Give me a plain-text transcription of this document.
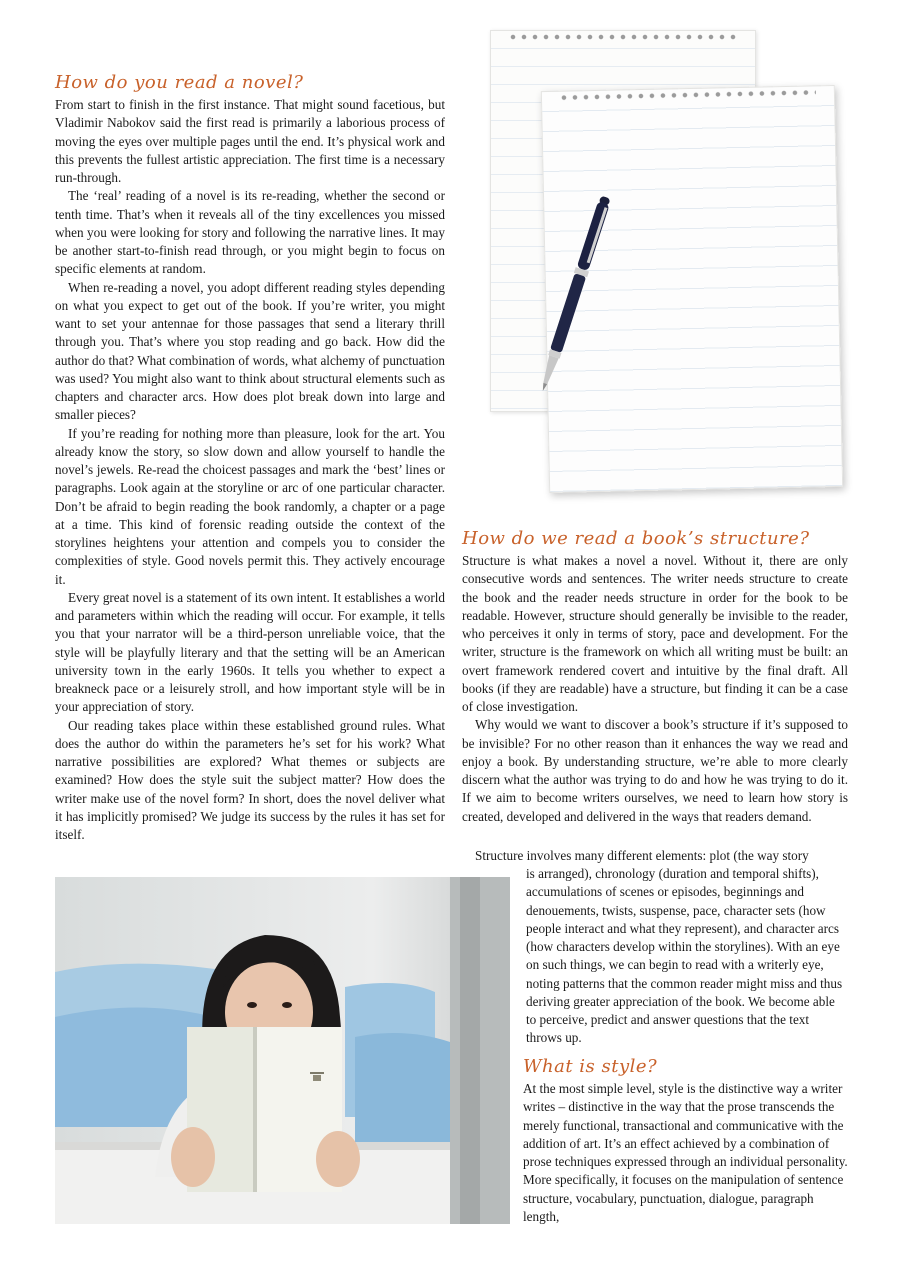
How do you read a novel?

From start to finish in the first instance. That might sound facetious, but Vladimir Nabokov said the first read is primarily a laborious process of moving the eyes over multiple pages until the end. It’s physical work and this prevents the fullest artistic appreciation. The first time is a necessary run-through.

The ‘real’ reading of a novel is its re-reading, whether the second or tenth time. That’s when it reveals all of the tiny excellences you missed when you were looking for story and following the narrative lines. It may be another start-to-finish read through, or you might begin to focus on specific elements at random.

When re-reading a novel, you adopt different reading styles depending on what you expect to get out of the book. If you’re writer, you might want to set your antennae for those passages that send a literary thrill through you. That’s where you stop reading and go back. How did the author do that? What combination of words, what alchemy of punctuation was used? You might also want to think about structural elements such as chapters and character arcs. How does plot break down into large and smaller pieces?

If you’re reading for nothing more than pleasure, look for the art. You already know the story, so slow down and allow yourself to handle the novel’s jewels. Re-read the choicest passages and mark the ‘best’ lines or paragraphs. Look again at the storyline or arc of one particular character. Don’t be afraid to begin reading the book randomly, a chapter or a page at a time. This kind of forensic reading outside the context of the storylines heightens your attention and compels you to consider the complexities of style. Good novels permit this. They actively encourage it.

Every great novel is a statement of its own intent. It establishes a world and parameters within which the reading will occur. For example, it tells you that your narrator will be a third-person unreliable voice, that the style will be playfully literary and that the setting will be an American university town in the early 1960s. It tells you whether to expect a breakneck pace or a leisurely stroll, and how important style will be in your appreciation of story.

Our reading takes place within these established ground rules. What does the author do within the parameters he’s set for his work? What narrative possibilities are explored? What themes or subjects are examined? How does the style suit the subject matter? How does the writer make use of the novel form? In short, does the novel deliver what it has implicitly promised? We judge its success by the rules it has set for itself.

How do we read a book’s structure?

Structure is what makes a novel a novel. Without it, there are only consecutive words and sentences. The writer needs structure to create the book and the reader needs structure in order for the book to be readable. However, structure should generally be invisible to the reader, who perceives it only in terms of story, pace and development. For the writer, structure is the framework on which all writing must be built: an overt framework rendered covert and intuitive by the final draft. All books (if they are readable) have a structure, but finding it can be a case of close investigation.

Why would we want to discover a book’s structure if it’s supposed to be invisible? For no other reason than it enhances the way we read and enjoy a book. By understanding structure, we’re able to more clearly discern what the author was trying to do and how he was trying to do it. If we aim to become writers ourselves, we need to learn how story is created, developed and delivered in the ways that readers demand.

Structure involves many different elements: plot (the way story

is arranged), chronology (duration and temporal shifts), accumulations of scenes or episodes, beginnings and denouements, twists, suspense, pace, character sets (how people interact and what they represent), and character arcs (how characters develop within the storylines). With an eye on such things, we can begin to read with a writerly eye, noting patterns that the common reader might miss and thus deriving greater appreciation of the book. We become able to perceive, predict and answer questions that the text throws up.

What is style?

At the most simple level, style is the distinctive way a writer writes – distinctive in the way that the prose transcends the merely functional, transactional and communicative with the addition of art. It’s an effect achieved by a combination of prose techniques expressed through an individual personality. More specifically, it focuses on the manipulation of sentence structure, vocabulary, punctuation, dialogue, paragraph length,
